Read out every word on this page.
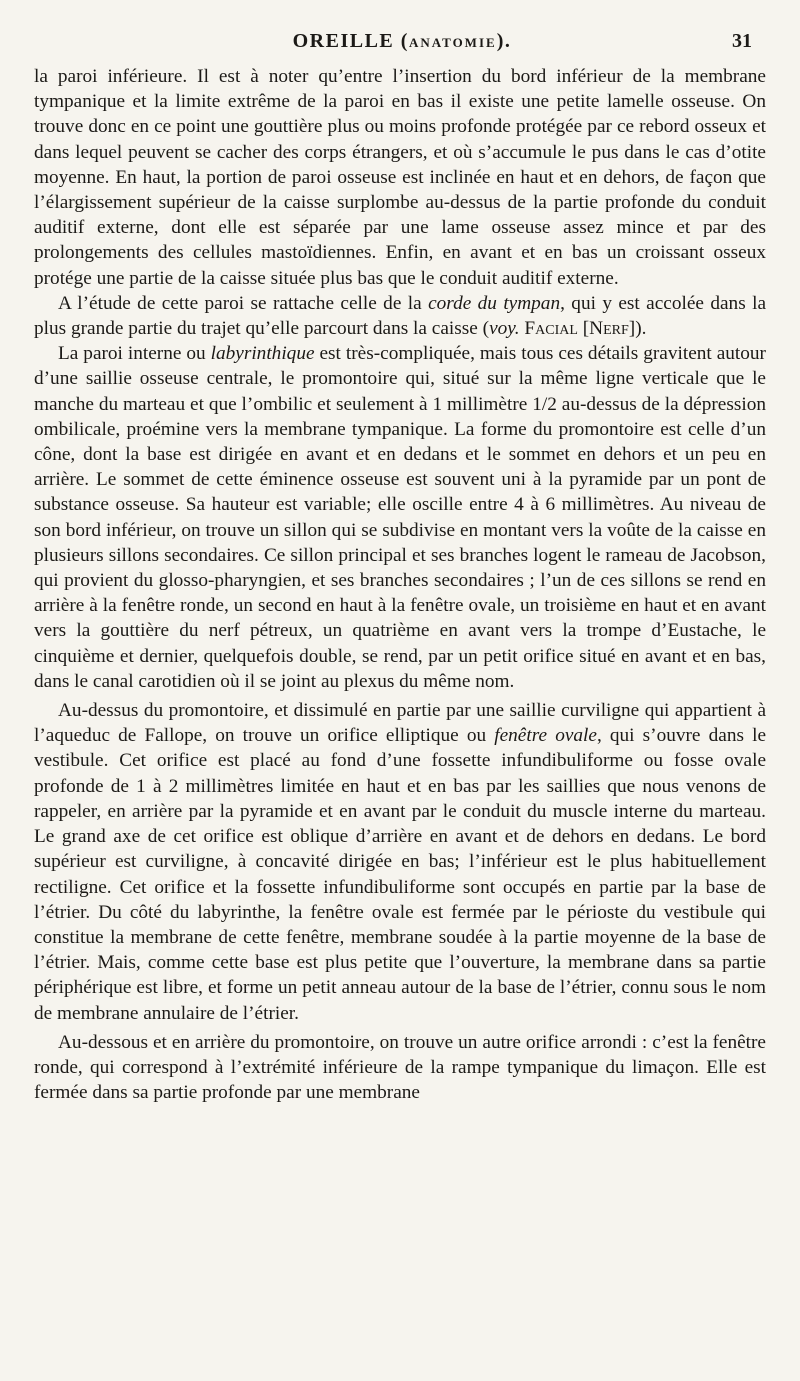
OREILLE (ANATOMIE).	31

la paroi inférieure. Il est à noter qu’entre l’insertion du bord inférieur de la membrane tympanique et la limite extrême de la paroi en bas il existe une petite lamelle osseuse. On trouve donc en ce point une gouttière plus ou moins profonde protégée par ce rebord osseux et dans lequel peuvent se cacher des corps étrangers, et où s’accumule le pus dans le cas d’otite moyenne. En haut, la portion de paroi osseuse est inclinée en haut et en dehors, de façon que l’élargissement supérieur de la caisse surplombe au-dessus de la partie profonde du conduit auditif externe, dont elle est séparée par une lame osseuse assez mince et par des prolongements des cellules mastoïdiennes. Enfin, en avant et en bas un croissant osseux protége une partie de la caisse située plus bas que le conduit auditif externe.

A l’étude de cette paroi se rattache celle de la corde du tympan, qui y est accolée dans la plus grande partie du trajet qu’elle parcourt dans la caisse (voy. Facial [Nerf]).

La paroi interne ou labyrinthique est très-compliquée, mais tous ces détails gravitent autour d’une saillie osseuse centrale, le promontoire qui, situé sur la même ligne verticale que le manche du marteau et que l’ombilic et seulement à 1 millimètre 1/2 au-dessus de la dépression ombilicale, proémine vers la membrane tympanique. La forme du promontoire est celle d’un cône, dont la base est dirigée en avant et en dedans et le sommet en dehors et un peu en arrière. Le sommet de cette éminence osseuse est souvent uni à la pyramide par un pont de substance osseuse. Sa hauteur est variable; elle oscille entre 4 à 6 millimètres. Au niveau de son bord inférieur, on trouve un sillon qui se subdivise en montant vers la voûte de la caisse en plusieurs sillons secondaires. Ce sillon principal et ses branches logent le rameau de Jacobson, qui provient du glosso-pharyngien, et ses branches secondaires ; l’un de ces sillons se rend en arrière à la fenêtre ronde, un second en haut à la fenêtre ovale, un troisième en haut et en avant vers la gouttière du nerf pétreux, un quatrième en avant vers la trompe d’Eustache, le cinquième et dernier, quelquefois double, se rend, par un petit orifice situé en avant et en bas, dans le canal carotidien où il se joint au plexus du même nom.

Au-dessus du promontoire, et dissimulé en partie par une saillie curviligne qui appartient à l’aqueduc de Fallope, on trouve un orifice elliptique ou fenêtre ovale, qui s’ouvre dans le vestibule. Cet orifice est placé au fond d’une fossette infundibuliforme ou fosse ovale profonde de 1 à 2 millimètres limitée en haut et en bas par les saillies que nous venons de rappeler, en arrière par la pyramide et en avant par le conduit du muscle interne du marteau. Le grand axe de cet orifice est oblique d’arrière en avant et de dehors en dedans. Le bord supérieur est curviligne, à concavité dirigée en bas; l’inférieur est le plus habituellement rectiligne. Cet orifice et la fossette infundibuliforme sont occupés en partie par la base de l’étrier. Du côté du labyrinthe, la fenêtre ovale est fermée par le périoste du vestibule qui constitue la membrane de cette fenêtre, membrane soudée à la partie moyenne de la base de l’étrier. Mais, comme cette base est plus petite que l’ouverture, la membrane dans sa partie périphérique est libre, et forme un petit anneau autour de la base de l’étrier, connu sous le nom de membrane annulaire de l’étrier.

Au-dessous et en arrière du promontoire, on trouve un autre orifice arrondi : c’est la fenêtre ronde, qui correspond à l’extrémité inférieure de la rampe tympanique du limaçon. Elle est fermée dans sa partie profonde par une membrane
